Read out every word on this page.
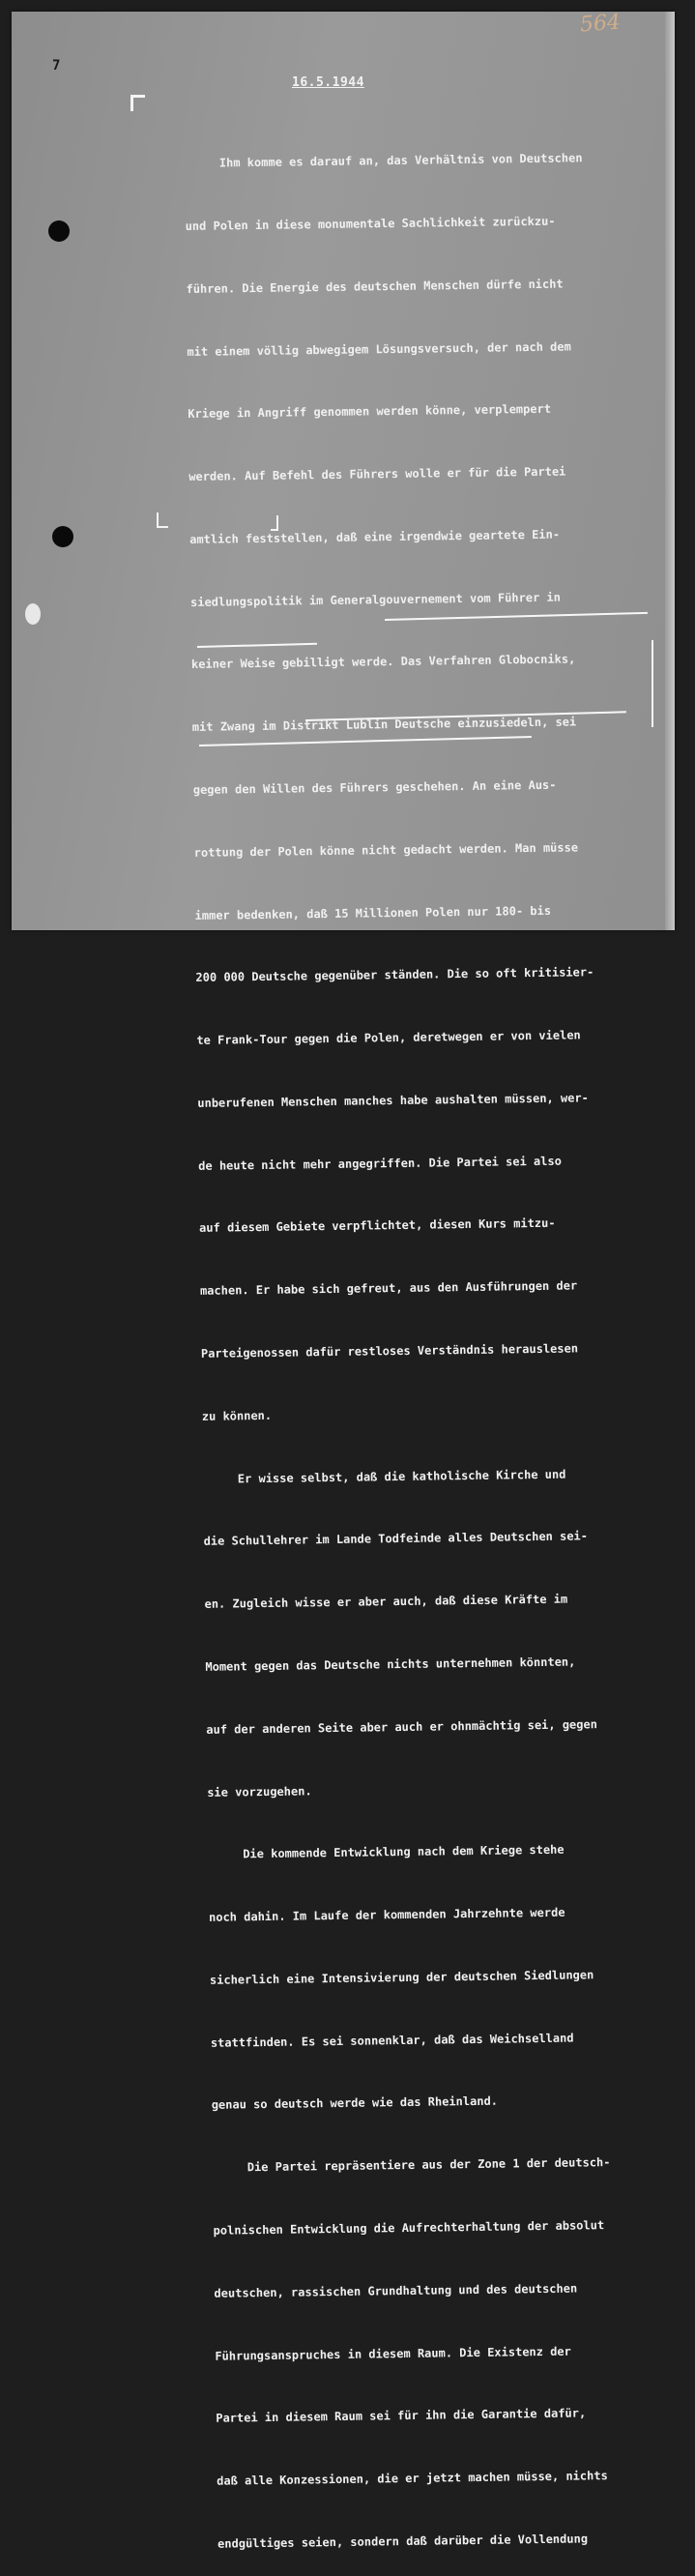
7
564
16.5.1944

Ihm komme es darauf an, das Verhältnis von Deutschen

und Polen in diese monumentale Sachlichkeit zurückzu-

führen. Die Energie des deutschen Menschen dürfe nicht

mit einem völlig abwegigem Lösungsversuch, der nach dem

Kriege in Angriff genommen werden könne, verplempert

werden. Auf Befehl des Führers wolle er für die Partei

amtlich feststellen, daß eine irgendwie geartete Ein-

siedlungspolitik im Generalgouvernement vom Führer in

keiner Weise gebilligt werde. Das Verfahren Globocniks,

mit Zwang im Distrikt Lublin Deutsche einzusiedeln, sei

gegen den Willen des Führers geschehen. An eine Aus-

rottung der Polen könne nicht gedacht werden. Man müsse

immer bedenken, daß 15 Millionen Polen nur 180- bis

200 000 Deutsche gegenüber ständen. Die so oft kritisier-

te Frank-Tour gegen die Polen, deretwegen er von vielen

unberufenen Menschen manches habe aushalten müssen, wer-

de heute nicht mehr angegriffen. Die Partei sei also

auf diesem Gebiete verpflichtet, diesen Kurs mitzu-

machen. Er habe sich gefreut, aus den Ausführungen der

Parteigenossen dafür restloses Verständnis herauslesen

zu können.

Er wisse selbst, daß die katholische Kirche und

die Schullehrer im Lande Todfeinde alles Deutschen sei-

en. Zugleich wisse er aber auch, daß diese Kräfte im

Moment gegen das Deutsche nichts unternehmen könnten,

auf der anderen Seite aber auch er ohnmächtig sei, gegen

sie vorzugehen.

Die kommende Entwicklung nach dem Kriege stehe

noch dahin. Im Laufe der kommenden Jahrzehnte werde

sicherlich eine Intensivierung der deutschen Siedlungen

stattfinden. Es sei sonnenklar, daß das Weichselland

genau so deutsch werde wie das Rheinland.

Die Partei repräsentiere aus der Zone 1 der deutsch-

polnischen Entwicklung die Aufrechterhaltung der absolut

deutschen, rassischen Grundhaltung und des deutschen

Führungsanspruches in diesem Raum. Die Existenz der

Partei in diesem Raum sei für ihn die Garantie dafür,

daß alle Konzessionen, die er jetzt machen müsse, nichts

endgültiges seien, sondern daß darüber die Vollendung
